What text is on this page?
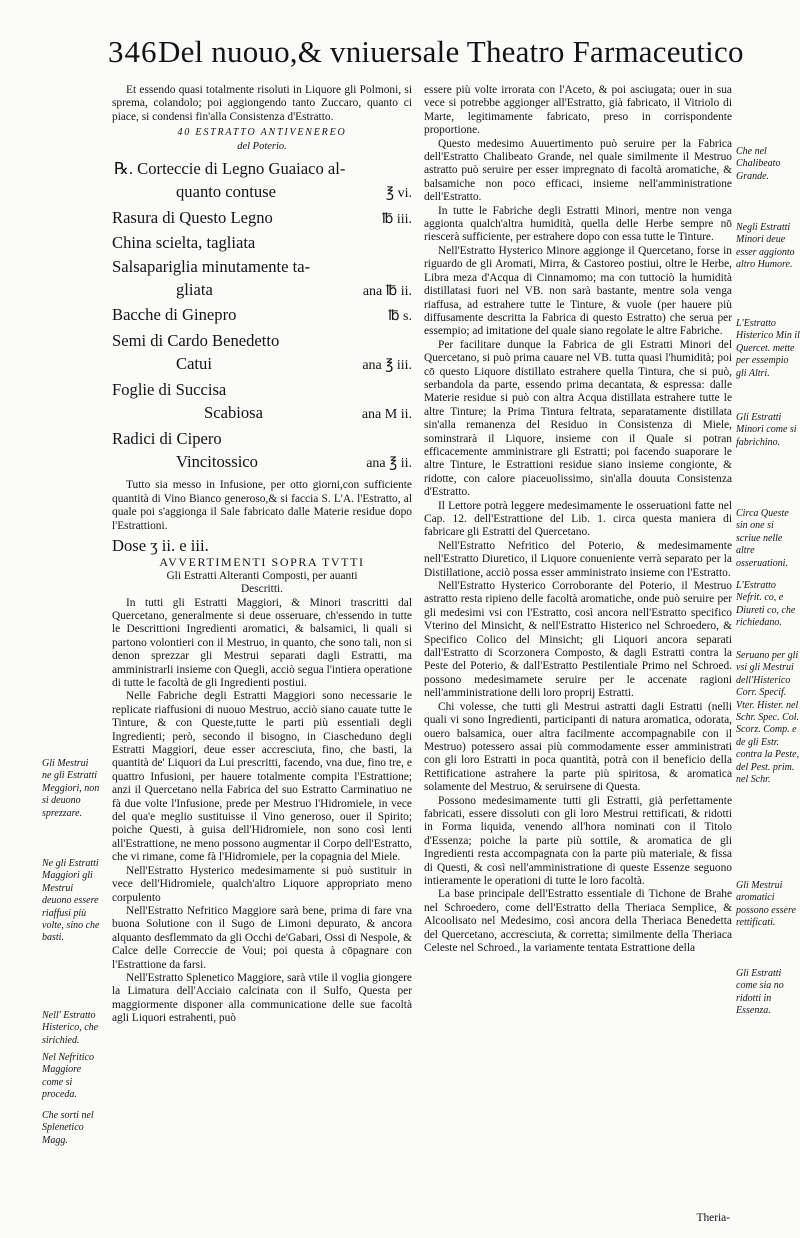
346 Del nuouo,& vniuersale Theatro Farmaceutico

Et essendo quasi totalmente risoluti in Liquore gli Polmoni, si sprema, colandolo; poi aggiongendo tanto Zuccaro, quanto ci piace, si condensi fin'alla Consistenza d'Estratto.

40 ESTRATTO ANTIVENEREO

del Poterio.

℞. Corteccie di Legno Guaiaco al-

quanto contuse	℥ vi.

Rasura di Questo Legno	℔ iii.

China scielta, tagliata

Salsapariglia minutamente ta-

gliata	ana ℔ ii.

Bacche di Ginepro	℔ s.

Semi di Cardo Benedetto

Catui	ana ℥ iii.

Foglie di Succisa

Scabiosa	ana M ii.

Radici di Cipero

Vincitossico	ana ℥ ii.

Tutto sia messo in Infusione, per otto giorni,con sufficiente quantità di Vino Bianco generoso,& si faccia S. L'A. l'Estratto, al quale poi s'aggionga il Sale fabricato dalle Materie residue dopo l'Estrattioni.

Dose ʒ ii. e iii.

AVVERTIMENTI SOPRA TVTTI

Gli Estratti Alteranti Composti, per auanti

Descritti.

In tutti gli Estratti Maggiori, & Minori trascritti dal Quercetano, generalmente si deue osseruare, ch'essendo in tutte le Descrittioni Ingredienti aromatici, & balsamici, li quali si partono volontieri con il Mestruo, in quanto, che sono tali, non si denon sprezzar gli Mestrui separati dagli Estratti, ma amministrarli insieme con Quegli, acciò segua l'intiera operatione di tutte le facoltà de gli Ingredienti postiui.

Nelle Fabriche degli Estratti Maggiori sono necessarie le replicate riaffusioni di nuouo Mestruo, acciò siano cauate tutte le Tinture, & con Queste,tutte le parti più essentiali degli Ingredienti; però, secondo il bisogno, in Ciascheduno degli Estratti Maggiori, deue esser accresciuta, fino, che basti, la quantità de' Liquori da Lui prescritti, facendo, vna due, fino tre, e quattro Infusioni, per hauere totalmente compita l'Estrattione; anzi il Quercetano nella Fabrica del suo Estratto Carminatiuo ne fà due volte l'Infusione, prede per Mestruo l'Hidromiele, in vece del qua'e meglio sustituisse il Vino generoso, ouer il Spirito; poiche Questi, à guisa dell'Hidromiele, non sono così lenti all'Estrattione, ne meno possono augmentar il Corpo dell'Estratto, che vi rimane, come fà l'Hidromiele, per la copagnia del Miele.

Nell'Estratto Hysterico medesimamente si può sustituir in vece dell'Hidromiele, qualch'altro Liquore appropriato meno corpulento

Nell'Estratto Nefritico Maggiore sarà bene, prima di fare vna buona Solutione con il Sugo de Limoni depurato, & ancora alquanto desflemmato da gli Occhi de'Gabari, Ossi di Nespole, & Calce delle Correccie de Voui; poi questa à cōpagnare con l'Estrattione da farsi.

Nell'Estratto Splenetico Maggiore, sarà vtile il voglia giongere la Limatura dell'Acciaio calcinata con il Sulfo, Questa per maggiormente disponer alla communicatione delle sue facoltà agli Liquori estrahenti, può

Gli Mestrui ne gli Estratti Meggiori, non si deuono sprezzare.
Ne gli Estratti Maggiori gli Mestrui deuono essere riaffusi più volte, sino che basti.
Nell' Estratto Histerico, che sirichied.
Nel Nefritico Maggiore come si proceda.
Che sorti nel Splenetico Magg.

essere più volte irrorata con l'Aceto, & poi asciugata; ouer in sua vece si potrebbe aggionger all'Estratto, già fabricato, il Vitriolo di Marte, legitimamente fabricato, preso in corrispondente proportione.

Questo medesimo Auuertimento può seruire per la Fabrica dell'Estratto Chalibeato Grande, nel quale similmente il Mestruo astratto può seruire per esser impregnato di facoltà aromatiche, & balsamiche non poco efficaci, insieme nell'amministratione dell'Estratto.

In tutte le Fabriche degli Estratti Minori, mentre non venga aggionta qualch'altra humidità, quella delle Herbe sempre nō riescerà sufficiente, per estrahere dopo con essa tutte le Tinture.

Nell'Estratto Hysterico Minore aggionge il Quercetano, forse in riguardo de gli Aromati, Mirra, & Castoreo postiui, oltre le Herbe, Libra meza d'Acqua di Cinnamomo; ma con tuttociò la humidità distillatasi fuori nel VB. non sarà bastante, mentre sola venga riaffusa, ad estrahere tutte le Tinture, & vuole (per hauere più diffusamente descritta la Fabrica di questo Estratto) che serua per essempio; ad imitatione del quale siano regolate le altre Fabriche.

Per facilitare dunque la Fabrica de gli Estratti Minori del Quercetano, si può prima cauare nel VB. tutta quasi l'humidità; poi cō questo Liquore distillato estrahere quella Tintura, che si può, serbandola da parte, essendo prima decantata, & espressa: dalle Materie residue si può con altra Acqua distillata estrahere tutte le altre Tinture; la Prima Tintura feltrata, separatamente distillata sin'alla remanenza del Residuo in Consistenza di Miele, sominstrarà il Liquore, insieme con il Quale si potran efficacemente amministrare gli Estratti; poi facendo suaporare le altre Tinture, le Estrattioni residue siano insieme congionte, & ridotte, con calore piaceuolissimo, sin'alla douuta Consistenza d'Estratto.

Il Lettore potrà leggere medesimamente le osseruationi fatte nel Cap. 12. dell'Estrattione del Lib. 1. circa questa maniera di fabricare gli Estratti del Quercetano.

Nell'Estratto Nefritico del Poterio, & medesimamente nell'Estratto Diuretico, il Liquore conueniente verrà separato per la Distillatione, acciò possa esser amministrato insieme con l'Estratto.

Nell'Estratto Hysterico Corroborante del Poterio, il Mestruo astratto resta ripieno delle facoltà aromatiche, onde può seruire per gli medesimi vsi con l'Estratto, così ancora nell'Estratto specifico Vterino del Minsicht, & nell'Estratto Histerico nel Schroedero, & Specifico Colico del Minsicht; gli Liquori ancora separati dall'Estratto di Scorzonera Composto, & dagli Estratti contra la Peste del Poterio, & dall'Estratto Pestilentiale Primo nel Schroed. possono medesimamete seruire per le accenate ragioni nell'amministratione delli loro proprij Estratti.

Chi volesse, che tutti gli Mestrui astratti dagli Estratti (nelli quali vi sono Ingredienti, participanti di natura aromatica, odorata, ouero balsamica, ouer altra facilmente accompagnabile con il Mestruo) potessero assai più commodamente esser amministrati con gli loro Estratti in poca quantità, potrà con il beneficio della Rettificatione astrahere la parte più spiritosa, & aromatica solamente del Mestruo, & seruirsene di Questa.

Possono medesimamente tutti gli Estratti, già perfettamente fabricati, essere dissoluti con gli loro Mestrui rettificati, & ridotti in Forma liquida, venendo all'hora nominati con il Titolo d'Essenza; poiche la parte più sottile, & aromatica de gli Ingredienti resta accompagnata con la parte più materiale, & fissa di Questi, & così nell'amministratione di queste Essenze seguono intieramente le operationi di tutte le loro facoltà.

La base principale dell'Estratto essentiale di Tichone de Brahe nel Schroedero, come dell'Estratto della Theriaca Semplice, & Alcoolisato nel Medesimo, così ancora della Theriaca Benedetta del Quercetano, accresciuta, & corretta; similmente della Theriaca Celeste nel Schroed., la variamente tentata Estrattione della

Che nel Chalibeato Grande.
Negli Estratti Minori deue esser aggionto altro Humore.
L'Estratto Histerico Min il Quercet. mette per essempio gli Altri.
Gli Estratti Minori come si fabrichino.
Circa Queste sin one si scriue nelle altre osseruationi.
L'Estratto Nefrit. co, e Diureti co, che richiedano.
Seruano per gli vsi gli Mestrui dell'Histerico Corr. Specif. Vter. Hister. nel Schr. Spec. Col. Scorz. Comp. e de gli Estr. contra la Peste, del Pest. prim. nel Schr.
Gli Mestrui aromatici possono essere rettificati.
Gli Estratti come sia no ridotti in Essenza.
Theria-
